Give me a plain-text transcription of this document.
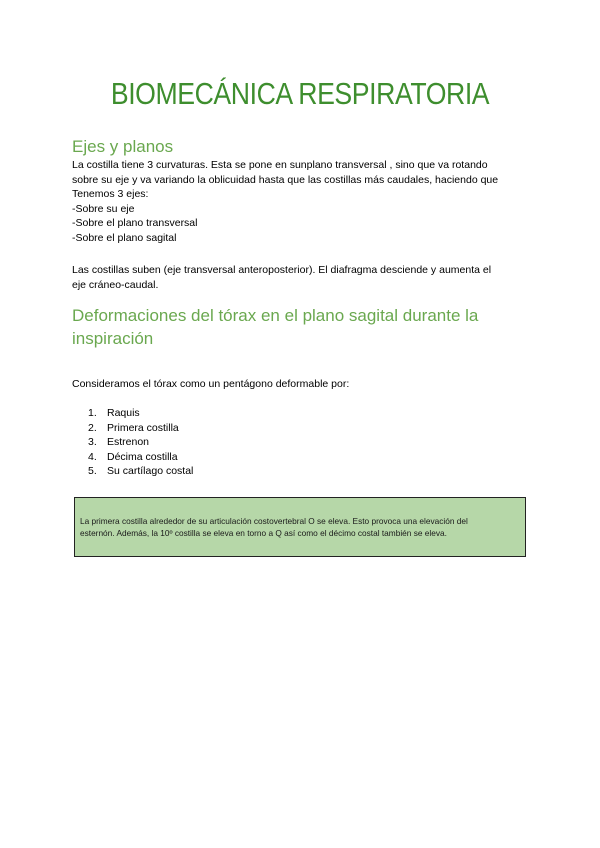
BIOMECÁNICA RESPIRATORIA
Ejes y planos
La costilla tiene 3 curvaturas. Esta se pone en sunplano transversal , sino que va rotando
sobre su eje y va variando la oblicuidad hasta que las costillas más caudales, haciendo que
Tenemos 3 ejes:
-Sobre su eje
-Sobre el plano transversal
-Sobre el plano sagital
Las costillas suben (eje transversal anteroposterior). El diafragma desciende y aumenta el
eje cráneo-caudal.
Deformaciones del tórax en el plano sagital durante la inspiración

Consideramos el tórax como un pentágono deformable por:

1. Raquis
2. Primera costilla
3. Estrenon
4. Décima costilla
5. Su cartílago costal
La primera costilla alrededor de su articulación costovertebral O se eleva. Esto provoca una elevación del
esternón. Además, la 10º costilla se eleva en torno a Q así como el décimo costal también se eleva.
